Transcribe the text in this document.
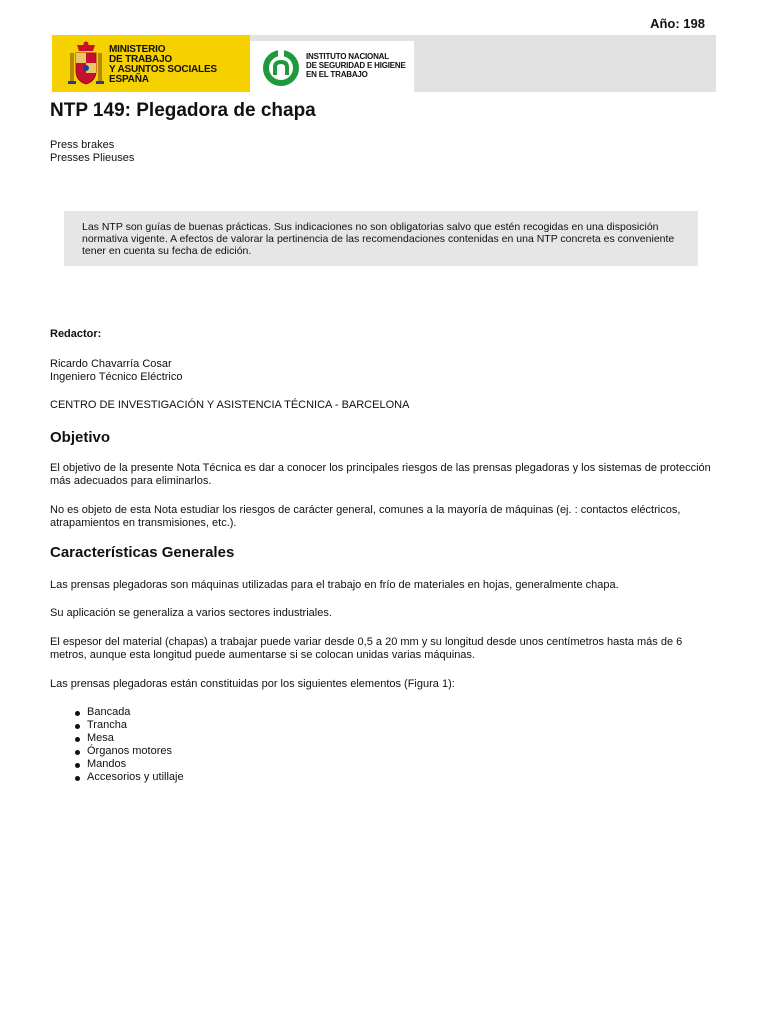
Año: 198
MINISTERIO
DE TRABAJO
Y ASUNTOS SOCIALES
ESPAÑA
INSTITUTO NACIONAL
DE SEGURIDAD E HIGIENE
EN EL TRABAJO
NTP 149: Plegadora de chapa
Press brakes
Presses Plieuses

Las NTP son guías de buenas prácticas. Sus indicaciones no son obligatorias salvo que estén recogidas en una disposición normativa vigente. A efectos de valorar la pertinencia de las recomendaciones contenidas en una NTP concreta es conveniente tener en cuenta su fecha de edición.

Redactor:
Ricardo Chavarría Cosar
Ingeniero Técnico Eléctrico
CENTRO DE INVESTIGACIÓN Y ASISTENCIA TÉCNICA - BARCELONA
Objetivo
El objetivo de la presente Nota Técnica es dar a conocer los principales riesgos de las prensas plegadoras y los sistemas de protección más adecuados para eliminarlos.
No es objeto de esta Nota estudiar los riesgos de carácter general, comunes a la mayoría de máquinas (ej. : contactos eléctricos, atrapamientos en transmisiones, etc.).
Características Generales
Las prensas plegadoras son máquinas utilizadas para el trabajo en frío de materiales en hojas, generalmente chapa.
Su aplicación se generaliza a varios sectores industriales.
El espesor del material (chapas) a trabajar puede variar desde 0,5 a 20 mm y su longitud desde unos centímetros hasta más de 6 metros, aunque esta longitud puede aumentarse si se colocan unidas varias máquinas.
Las prensas plegadoras están constituidas por los siguientes elementos (Figura 1):
Bancada
Trancha
Mesa
Órganos motores
Mandos
Accesorios y utillaje
